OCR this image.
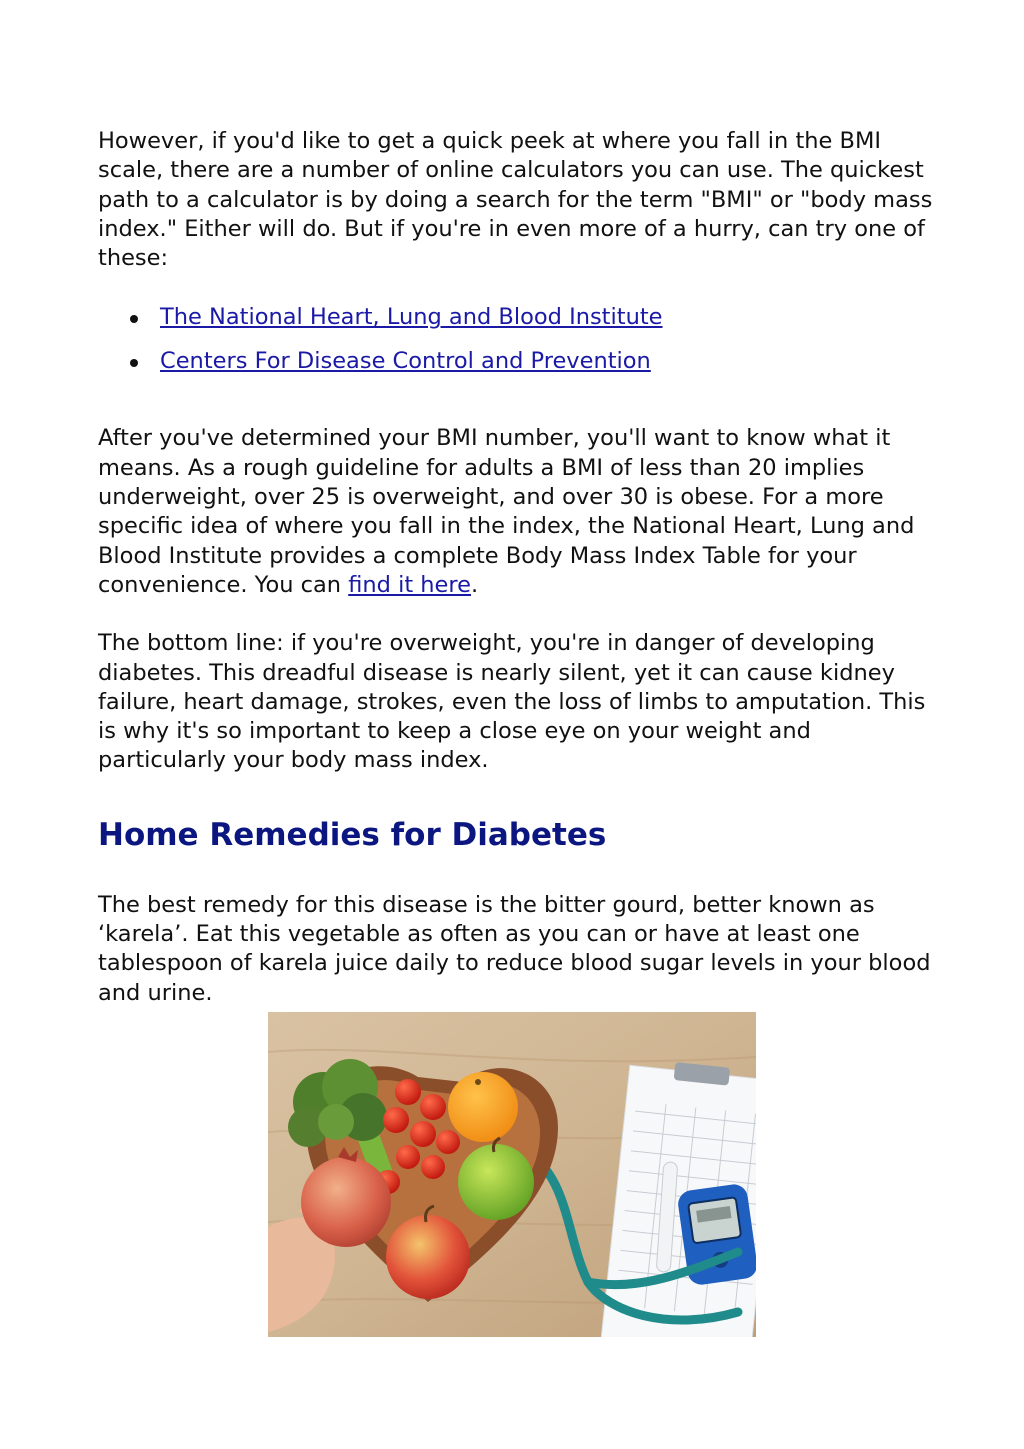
However, if you'd like to get a quick peek at where you fall in the BMI scale, there are a number of online calculators you can use. The quickest path to a calculator is by doing a search for the term "BMI" or "body mass index." Either will do. But if you're in even more of a hurry, can try one of these:

The National Heart, Lung and Blood Institute
Centers For Disease Control and Prevention

After you've determined your BMI number, you'll want to know what it means. As a rough guideline for adults a BMI of less than 20 implies underweight, over 25 is overweight, and over 30 is obese. For a more specific idea of where you fall in the index, the National Heart, Lung and Blood Institute provides a complete Body Mass Index Table for your convenience. You can find it here.

The bottom line: if you're overweight, you're in danger of developing diabetes. This dreadful disease is nearly silent, yet it can cause kidney failure, heart damage, strokes, even the loss of limbs to amputation. This is why it's so important to keep a close eye on your weight and particularly your body mass index.

Home Remedies for Diabetes

The best remedy for this disease is the bitter gourd, better known as ‘karela’. Eat this vegetable as often as you can or have at least one tablespoon of karela juice daily to reduce blood sugar levels in your blood and urine.
